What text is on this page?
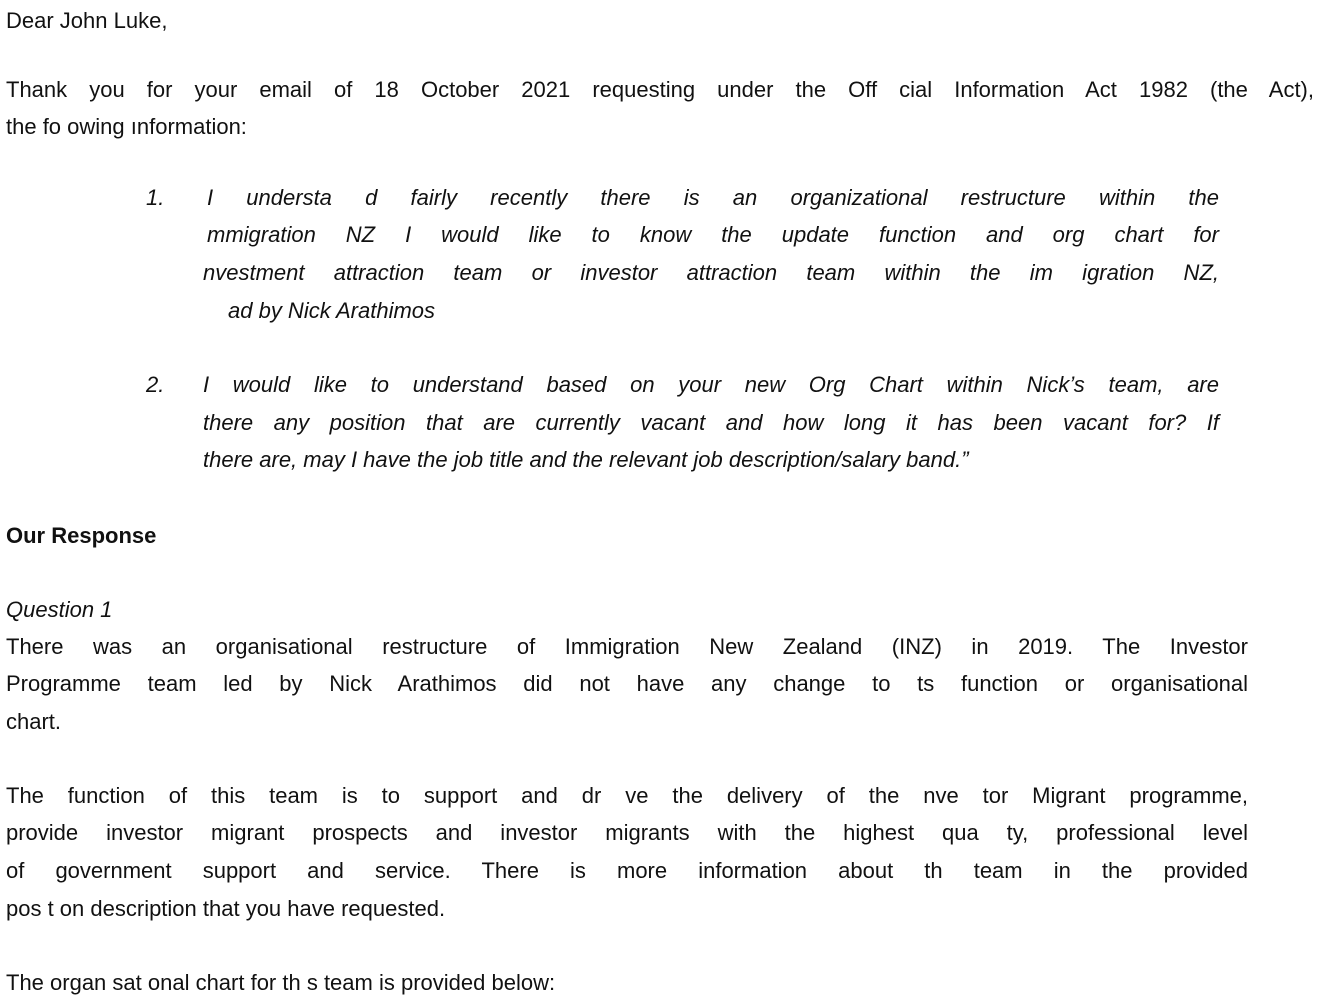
Dear John Luke,
Thank you for your email of 18 October 2021 requesting under the Off cial Information Act 1982 (the Act),
the fo owing ınformation:
1. I understa d fairly recently there is an organizational restructure within the
mmigration NZ I would like to know the update function and org chart for
nvestment attraction team or investor attraction team within the im igration NZ,
ad by Nick Arathimos
2. I would like to understand based on your new Org Chart within Nick’s team, are
there any position that are currently vacant and how long it has been vacant for? If
there are, may I have the job title and the relevant job description/salary band.”
Our Response
Question 1
There was an organisational restructure of Immigration New Zealand (INZ) in 2019. The Investor
Programme team led by Nick Arathimos did not have any change to ts function or organisational
chart.
The function of this team is to support and dr ve the delivery of the nve tor Migrant programme,
provide investor migrant prospects and investor migrants with the highest qua ty, professional level
of government support and service. There is more information about th team in the provided
pos t on description that you have requested.
The organ sat onal chart for th s team is provided below:
